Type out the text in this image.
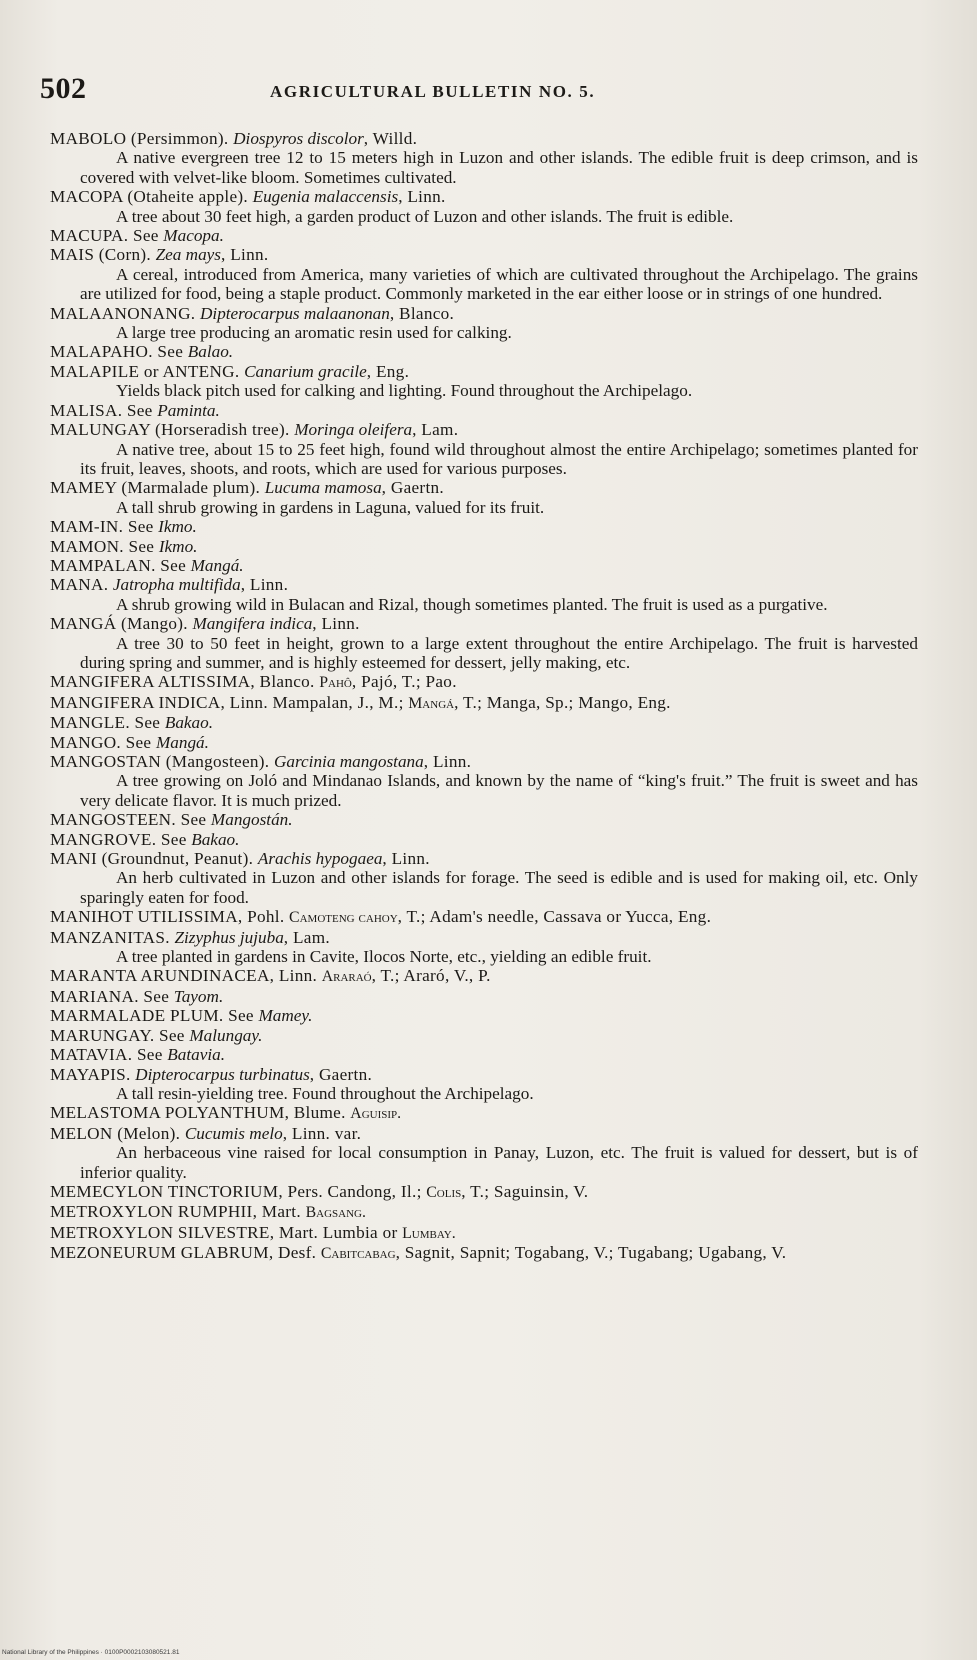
502	AGRICULTURAL BULLETIN NO. 5.

MABOLO (Persimmon). Diospyros discolor, Willd.

A native evergreen tree 12 to 15 meters high in Luzon and other islands. The edible fruit is deep crimson, and is covered with velvet-like bloom. Sometimes cultivated.

MACOPA (Otaheite apple). Eugenia malaccensis, Linn.

A tree about 30 feet high, a garden product of Luzon and other islands. The fruit is edible.

MACUPA. See Macopa.

MAIS (Corn). Zea mays, Linn.

A cereal, introduced from America, many varieties of which are cultivated throughout the Archipelago. The grains are utilized for food, being a staple product. Commonly marketed in the ear either loose or in strings of one hundred.

MALAANONANG. Dipterocarpus malaanonan, Blanco.

A large tree producing an aromatic resin used for calking.

MALAPAHO. See Balao.

MALAPILE or ANTENG. Canarium gracile, Eng.

Yields black pitch used for calking and lighting. Found throughout the Archipelago.

MALISA. See Paminta.

MALUNGAY (Horseradish tree). Moringa oleifera, Lam.

A native tree, about 15 to 25 feet high, found wild throughout almost the entire Archipelago; sometimes planted for its fruit, leaves, shoots, and roots, which are used for various purposes.

MAMEY (Marmalade plum). Lucuma mamosa, Gaertn.

A tall shrub growing in gardens in Laguna, valued for its fruit.

MAM-IN. See Ikmo.

MAMON. See Ikmo.

MAMPALAN. See Mangá.

MANA. Jatropha multifida, Linn.

A shrub growing wild in Bulacan and Rizal, though sometimes planted. The fruit is used as a purgative.

MANGÁ (Mango). Mangifera indica, Linn.

A tree 30 to 50 feet in height, grown to a large extent throughout the entire Archipelago. The fruit is harvested during spring and summer, and is highly esteemed for dessert, jelly making, etc.

MANGIFERA ALTISSIMA, Blanco. Pahô, Pajó, T.; Pao.

MANGIFERA INDICA, Linn. Mampalan, J., M.; Mangá, T.; Manga, Sp.; Mango, Eng.

MANGLE. See Bakao.

MANGO. See Mangá.

MANGOSTAN (Mangosteen). Garcinia mangostana, Linn.

A tree growing on Joló and Mindanao Islands, and known by the name of “king's fruit.” The fruit is sweet and has very delicate flavor. It is much prized.

MANGOSTEEN. See Mangostán.

MANGROVE. See Bakao.

MANI (Groundnut, Peanut). Arachis hypogaea, Linn.

An herb cultivated in Luzon and other islands for forage. The seed is edible and is used for making oil, etc. Only sparingly eaten for food.

MANIHOT UTILISSIMA, Pohl. Camoteng cahoy, T.; Adam's needle, Cassava or Yucca, Eng.

MANZANITAS. Zizyphus jujuba, Lam.

A tree planted in gardens in Cavite, Ilocos Norte, etc., yielding an edible fruit.

MARANTA ARUNDINACEA, Linn. Araraó, T.; Araró, V., P.

MARIANA. See Tayom.

MARMALADE PLUM. See Mamey.

MARUNGAY. See Malungay.

MATAVIA. See Batavia.

MAYAPIS. Dipterocarpus turbinatus, Gaertn.

A tall resin-yielding tree. Found throughout the Archipelago.

MELASTOMA POLYANTHUM, Blume. Aguisip.

MELON (Melon). Cucumis melo, Linn. var.

An herbaceous vine raised for local consumption in Panay, Luzon, etc. The fruit is valued for dessert, but is of inferior quality.

MEMECYLON TINCTORIUM, Pers. Candong, Il.; Colis, T.; Saguinsin, V.

METROXYLON RUMPHII, Mart. Bagsang.

METROXYLON SILVESTRE, Mart. Lumbia or Lumbay.

MEZONEURUM GLABRUM, Desf. Cabitcabag, Sagnit, Sapnit; Togabang, V.; Tugabang; Ugabang, V.

National Library of the Philippines · 0100P0002103080521.81
